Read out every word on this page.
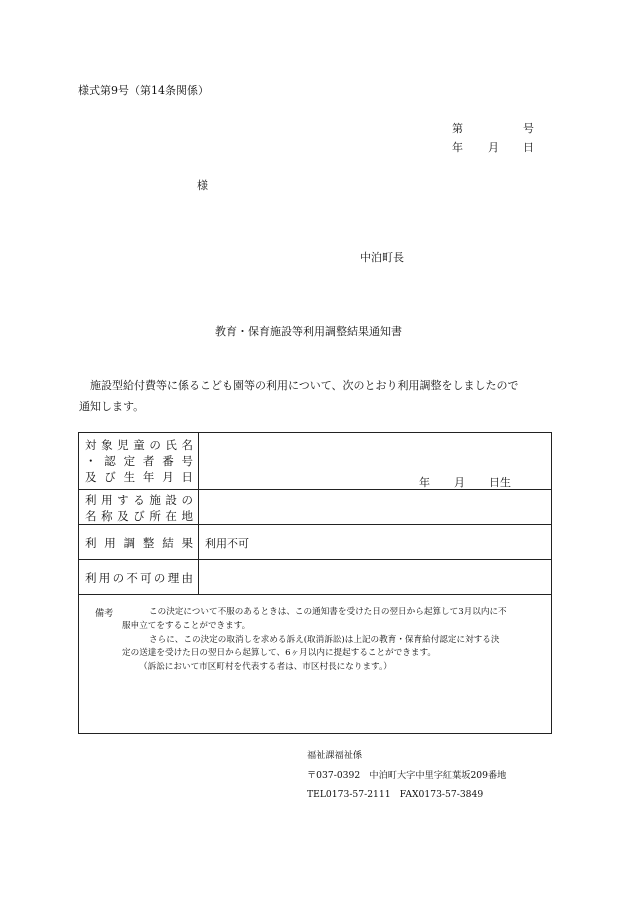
様式第9号（第14条関係）
第	号
年 月 日
様
中泊町長
教育・保育施設等利用調整結果通知書
施設型給付費等に係るこども園等の利用について、次のとおり利用調整をしましたので
通知します。
対象児童の氏名
・認定者番号
及び生年月日	年 月 日生
利用する施設の
名称及び所在地
利用調整結果 利用不可
利用の不可の理由
備考	この決定について不服のあるときは、この通知書を受けた日の翌日から起算して3月以内に不
服申立てをすることができます。
さらに、この決定の取消しを求める訴え(取消訴訟)は上記の教育・保育給付認定に対する決
定の送達を受けた日の翌日から起算して、6ヶ月以内に提起することができます。
（訴訟において市区町村を代表する者は、市区村長になります。）
福祉課福祉係
〒037-0392　中泊町大字中里字紅葉坂209番地
TEL0173-57-2111　FAX0173-57-3849
